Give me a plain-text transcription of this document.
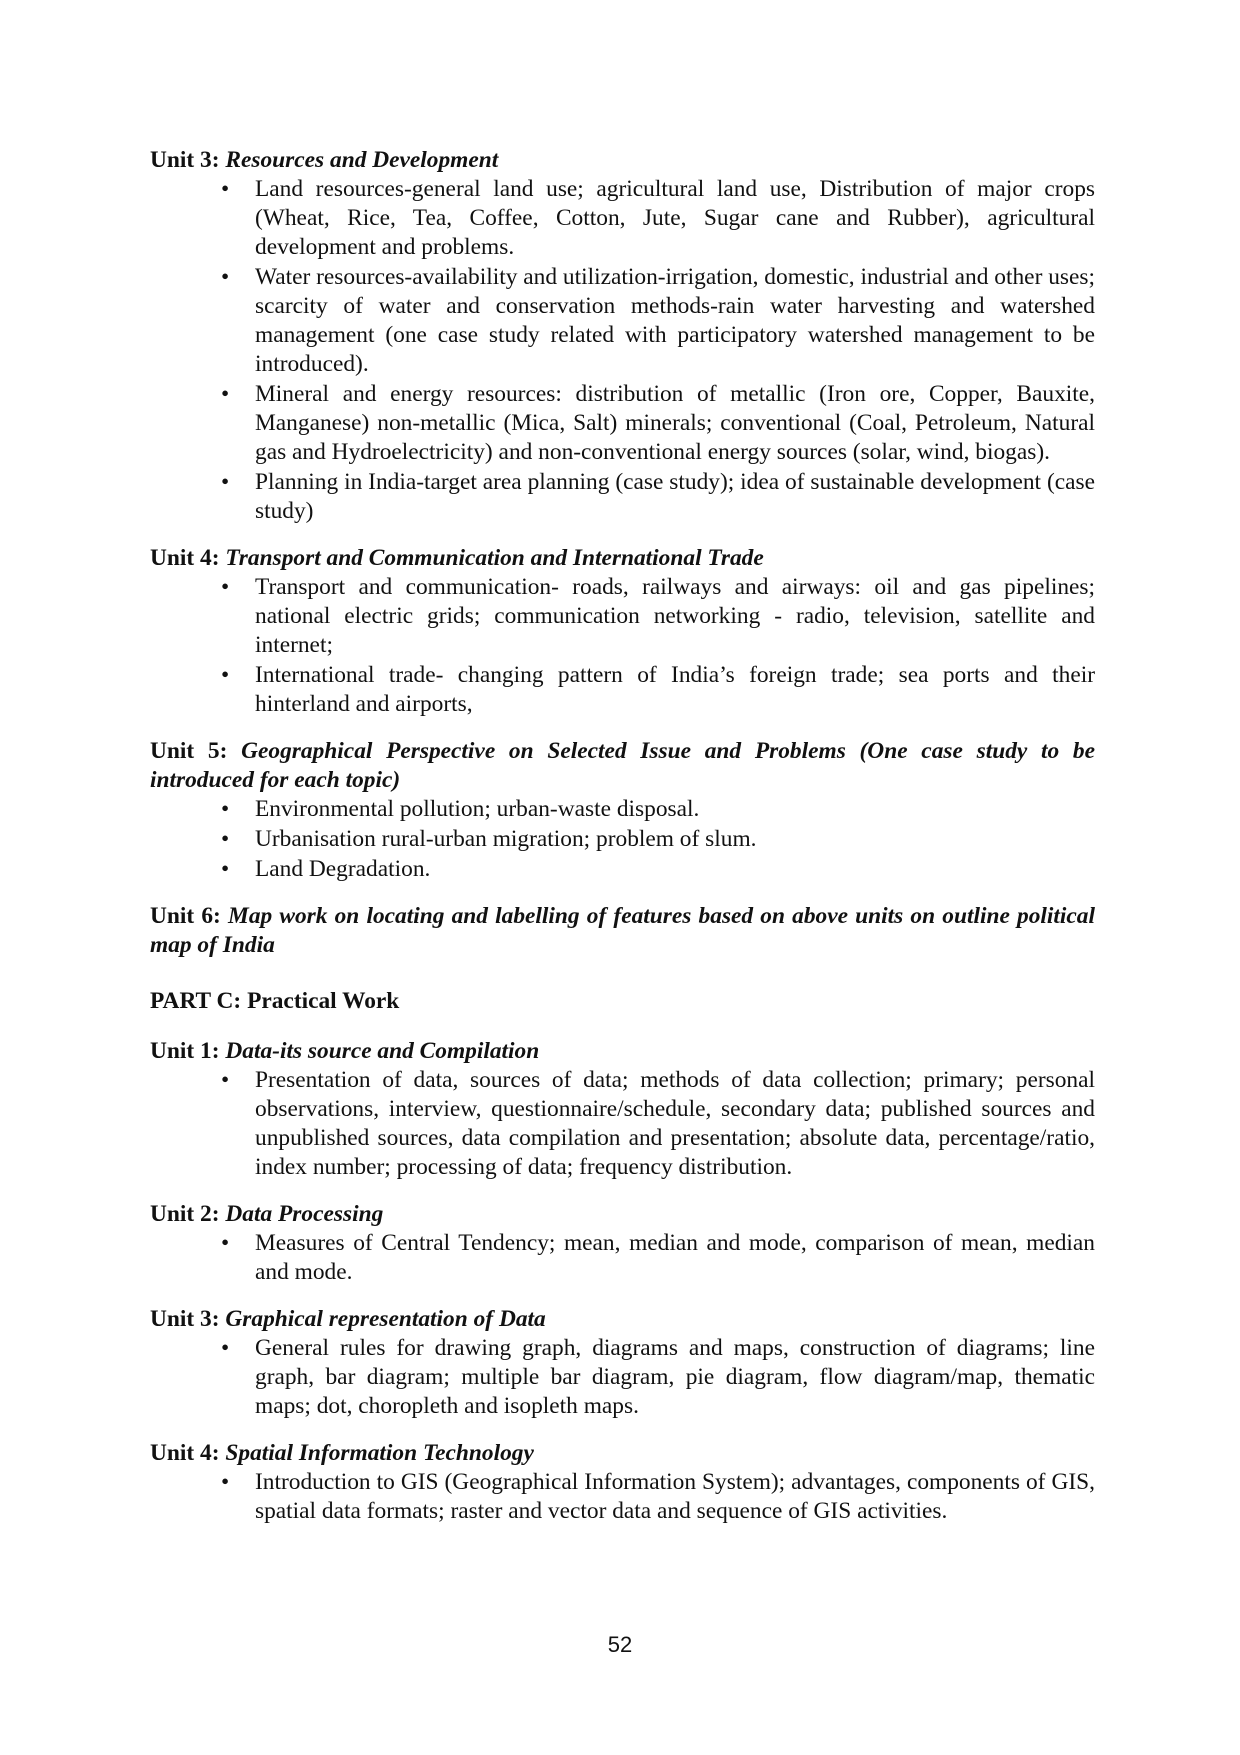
Unit 3: Resources and Development

• Land resources-general land use; agricultural land use, Distribution of major crops (Wheat, Rice, Tea, Coffee, Cotton, Jute, Sugar cane and Rubber), agricultural development and problems.
• Water resources-availability and utilization-irrigation, domestic, industrial and other uses; scarcity of water and conservation methods-rain water harvesting and watershed management (one case study related with participatory watershed management to be introduced).
• Mineral and energy resources: distribution of metallic (Iron ore, Copper, Bauxite, Manganese) non-metallic (Mica, Salt) minerals; conventional (Coal, Petroleum, Natural gas and Hydroelectricity) and non-conventional energy sources (solar, wind, biogas).
• Planning in India-target area planning (case study); idea of sustainable development (case study)

Unit 4: Transport and Communication and International Trade

• Transport and communication- roads, railways and airways: oil and gas pipelines; national electric grids; communication networking - radio, television, satellite and internet;
• International trade- changing pattern of India’s foreign trade; sea ports and their hinterland and airports,

Unit 5: Geographical Perspective on Selected Issue and Problems (One case study to be introduced for each topic)

• Environmental pollution; urban-waste disposal.
• Urbanisation rural-urban migration; problem of slum.
• Land Degradation.

Unit 6: Map work on locating and labelling of features based on above units on outline political map of India

PART C: Practical Work

Unit 1: Data-its source and Compilation

• Presentation of data, sources of data; methods of data collection; primary; personal observations, interview, questionnaire/schedule, secondary data; published sources and unpublished sources, data compilation and presentation; absolute data, percentage/ratio, index number; processing of data; frequency distribution.

Unit 2: Data Processing

• Measures of Central Tendency; mean, median and mode, comparison of mean, median and mode.

Unit 3: Graphical representation of Data

• General rules for drawing graph, diagrams and maps, construction of diagrams; line graph, bar diagram; multiple bar diagram, pie diagram, flow diagram/map, thematic maps; dot, choropleth and isopleth maps.

Unit 4: Spatial Information Technology

• Introduction to GIS (Geographical Information System); advantages, components of GIS, spatial data formats; raster and vector data and sequence of GIS activities.
52
